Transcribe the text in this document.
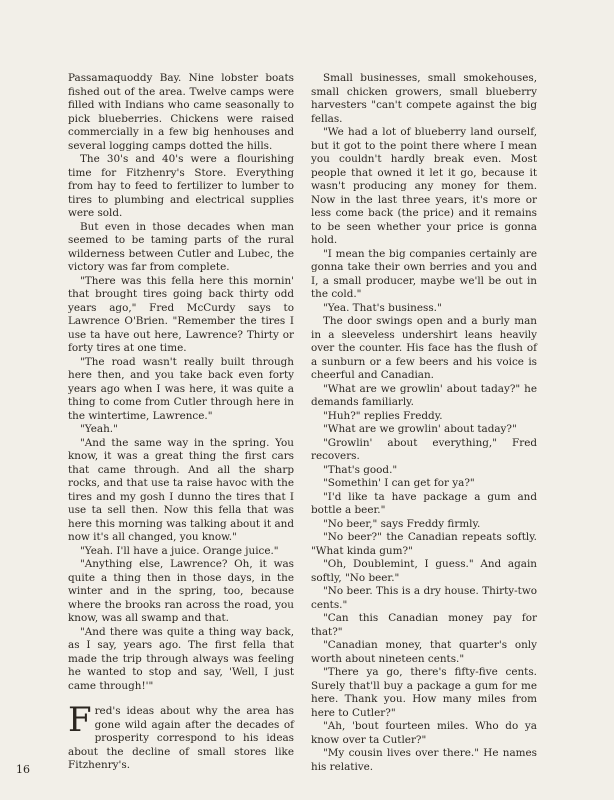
Passamaquoddy Bay. Nine lobster boats fished out of the area. Twelve camps were filled with Indians who came seasonally to pick blueberries. Chickens were raised commercially in a few big henhouses and several logging camps dotted the hills.

The 30's and 40's were a flourishing time for Fitzhenry's Store. Everything from hay to feed to fertilizer to lumber to tires to plumbing and electrical supplies were sold.

But even in those decades when man seemed to be taming parts of the rural wilderness between Cutler and Lubec, the victory was far from complete.

"There was this fella here this mornin' that brought tires going back thirty odd years ago," Fred McCurdy says to Lawrence O'Brien. "Remember the tires I use ta have out here, Lawrence? Thirty or forty tires at one time.

"The road wasn't really built through here then, and you take back even forty years ago when I was here, it was quite a thing to come from Cutler through here in the wintertime, Lawrence."

"Yeah."

"And the same way in the spring. You know, it was a great thing the first cars that came through. And all the sharp rocks, and that use ta raise havoc with the tires and my gosh I dunno the tires that I use ta sell then. Now this fella that was here this morning was talking about it and now it's all changed, you know."

"Yeah. I'll have a juice. Orange juice."

"Anything else, Lawrence? Oh, it was quite a thing then in those days, in the winter and in the spring, too, because where the brooks ran across the road, you know, was all swamp and that.

"And there was quite a thing way back, as I say, years ago. The first fella that made the trip through always was feeling he wanted to stop and say, 'Well, I just came through!'"

Fred's ideas about why the area has gone wild again after the decades of prosperity correspond to his ideas about the decline of small stores like Fitzhenry's.

Small businesses, small smokehouses, small chicken growers, small blueberry harvesters "can't compete against the big fellas.

"We had a lot of blueberry land ourself, but it got to the point there where I mean you couldn't hardly break even. Most people that owned it let it go, because it wasn't producing any money for them. Now in the last three years, it's more or less come back (the price) and it remains to be seen whether your price is gonna hold.

"I mean the big companies certainly are gonna take their own berries and you and I, a small producer, maybe we'll be out in the cold."

"Yea. That's business."

The door swings open and a burly man in a sleeveless undershirt leans heavily over the counter. His face has the flush of a sunburn or a few beers and his voice is cheerful and Canadian.

"What are we growlin' about taday?" he demands familiarly.

"Huh?" replies Freddy.

"What are we growlin' about taday?"

"Growlin' about everything," Fred recovers.

"That's good."

"Somethin' I can get for ya?"

"I'd like ta have package a gum and bottle a beer."

"No beer," says Freddy firmly.

"No beer?" the Canadian repeats softly. "What kinda gum?"

"Oh, Doublemint, I guess." And again softly, "No beer."

"No beer. This is a dry house. Thirty-two cents."

"Can this Canadian money pay for that?"

"Canadian money, that quarter's only worth about nineteen cents."

"There ya go, there's fifty-five cents. Surely that'll buy a package a gum for me here. Thank you. How many miles from here to Cutler?"

"Ah, 'bout fourteen miles. Who do ya know over ta Cutler?"

"My cousin lives over there." He names his relative.

16
